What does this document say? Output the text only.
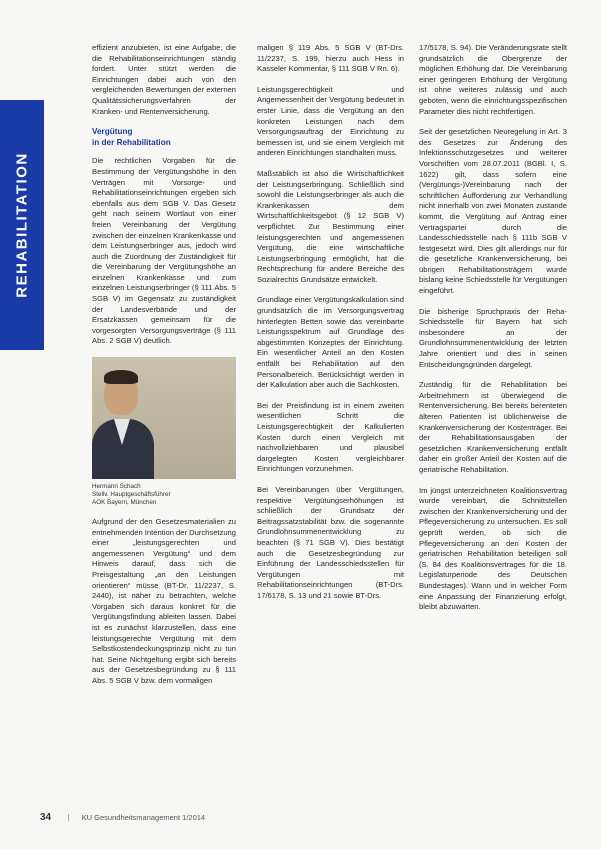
REHABILITATION

effizient anzubieten, ist eine Aufgabe, die die Rehabilitationseinrichtungen ständig fordert. Unter stützt werden die Einrichtungen dabei auch von den vergleichenden Bewertungen der externen Qualitätssicherungsverfahren der Kranken- und Rentenversicherung.

Vergütung
in der Rehabilitation

Die rechtlichen Vorgaben für die Bestimmung der Vergütungshöhe in den Verträgen mit Vorsorge- und Rehabilitationseinrichtungen ergeben sich ebenfalls aus dem SGB V. Das Gesetz geht nach seinem Wortlaut von einer freien Vereinbarung der Vergütung zwischen der einzelnen Krankenkasse und dem Leistungserbringer aus, jedoch wird auch die Zuordnung der Zuständigkeit für die Vereinbarung der Vergütungshöhe an einzelnen Krankenkasse und zum einzelnen Leistungserbringer (§ 111 Abs. 5 SGB V) im Gegensatz zu zuständigkeit der Landesverbände und der Ersatzkassen gemeinsam für die vorgesorgten Versorgungsverträge (§ 111 Abs. 2 SGB V) deutlich.

Hermann Schach
Stellv. Hauptgeschäftsführer
AOK Bayern, München

Aufgrund der den Gesetzesmaterialien zu entnehmenden Intention der Durchsetzung einer „leistungsgerechten und angemessenen Vergütung“ und dem Hinweis darauf, dass sich die Preisgestaltung „an den Leistungen orientieren“ müsse (BT-Dr. 11/2237, S. 2440), ist näher zu betrachten, welche Vorgaben sich daraus konkret für die Vergütungsfindung ableiten lassen. Dabei ist es zunächst klarzustellen, dass eine leistungsgerechte Vergütung mit dem Selbstkostendeckungsprinzip nicht zu tun hat. Seine Nichtgeltung ergibt sich bereits aus der Gesetzesbegründung zu § 111 Abs. 5 SGB V bzw. dem vormaligen

maligen § 119 Abs. 5 SGB V (BT-Drs. 11/2237, S. 199, hierzu auch Hess in Kasseler Kommentar, § 111 SGB V Rn. 6).

Leistungsgerechtigkeit und Angemessenheit der Vergütung bedeutet in erster Linie, dass die Vergütung an den konkreten Leistungen nach dem Versorgungsauftrag der Einrichtung zu bemessen ist, und sie einem Vergleich mit anderen Einrichtungen standhalten muss.

Maßstäblich ist also die Wirtschaftlichkeit der Leistungserbringung. Schließlich sind sowohl die Leistungserbringer als auch die Krankenkassen dem Wirtschaftlichkeitsgebot (§ 12 SGB V) verpflichtet. Zur Bestimmung einer leistungsgerechten und angemessenen Vergütung, die eine wirtschaftliche Leistungserbringung ermöglicht, hat die Rechtsprechung für andere Bereiche des Sozialrechts Grundsätze entwickelt.

Grundlage einer Vergütungskalkulation sind grundsätzlich die im Versorgungsvertrag hinterlegten Betten sowie das vereinbarte Leistungsspektrum auf Grundlage des abgestimmten Konzeptes der Einrichtung. Ein wesentlicher Anteil an den Kosten entfällt bei Rehabilitation auf den Personalbereich. Berücksichtigt werden in der Kalkulation aber auch die Sachkosten.

Bei der Preisfindung ist in einem zweiten wesentlichen Schritt die Leistungsgerechtigkeit der Kalkulierten Kosten durch einen Vergleich mit nachvollziehbaren und plausibel dargelegten Kosten vergleichbarer Einrichtungen vorzunehmen.

Bei Vereinbarungen über Vergütungen, respektive Vergütungserhöhungen ist schließlich der Grundsatz der Beitragssatzstabilität bzw. die sogenannte Grundlohnsummenentwicklung zu beachten (§ 71 SGB V). Dies bestätigt auch die Gesetzesbegründung zur Einführung der Landesschiedsstellen für Vergütungen mit Rehabilitationseinrichtungen (BT-Drs. 17/6178, S. 13 und 21 sowie BT-Drs.

17/5178, S. 94). Die Veränderungsrate stellt grundsätzlich die Obergrenze der möglichen Erhöhung dar. Die Vereinbarung einer geringeren Erhöhung der Vergütung ist ohne weiteres zulässig und auch geboten, wenn die einrichtungsspezifischen Parameter dies nicht rechtfertigen.

Seit der gesetzlichen Neuregelung in Art. 3 des Gesetzes zur Änderung des Infektionsschutzgesetzes und weiterer Vorschriften vom 28.07.2011 (BGBl. I, S. 1622) gilt, dass sofern eine (Vergütungs-)Vereinbarung nach der schriftlichen Aufforderung zur Verhandlung nicht innerhalb von zwei Monaten zustande kommt, die Vergütung auf Antrag einer Vertragspartei durch die Landesschiedsstelle nach § 111b SGB V festgesetzt wird. Dies gilt allerdings nur für die gesetzliche Krankenversicherung, bei übrigen Rehabilitationsträgern wurde bislang keine Schiedsstelle für Vergütungen eingeführt.

Die bisherige Spruchpraxis der Reha-Schiedsstelle für Bayern hat sich insbesondere an der Grundlohnsummenentwicklung der letzten Jahre orientiert und dies in seinen Entscheidungsgründen dargelegt.

Zuständig für die Rehabilitation bei Arbeitnehmern ist überwiegend die Rentenversicherung. Bei bereits berenteten älteren Patienten ist üblicherweise die Krankenversicherung der Kostenträger. Bei der Rehabilitationsausgaben der gesetzlichen Krankenversicherung entfällt daher ein großer Anteil der Kosten auf die geriatrische Rehabilitation.

Im jüngst unterzeichneten Koalitionsvertrag wurde vereinbart, die Schnittstellen zwischen der Krankenversicherung und der Pflegeversicherung zu untersuchen. Es soll geprüft werden, ob sich die Pflegeversicherung an den Kosten der geriatrischen Rehabilitation beteiligen soll (S. 84 des Koalitionsvertrages für die 18. Legislaturperiode des Deutschen Bundestages). Wann und in welcher Form eine Anpassung der Finanzierung erfolgt, bleibt abzuwarten.

34 | KU Gesundheitsmanagement 1/2014
